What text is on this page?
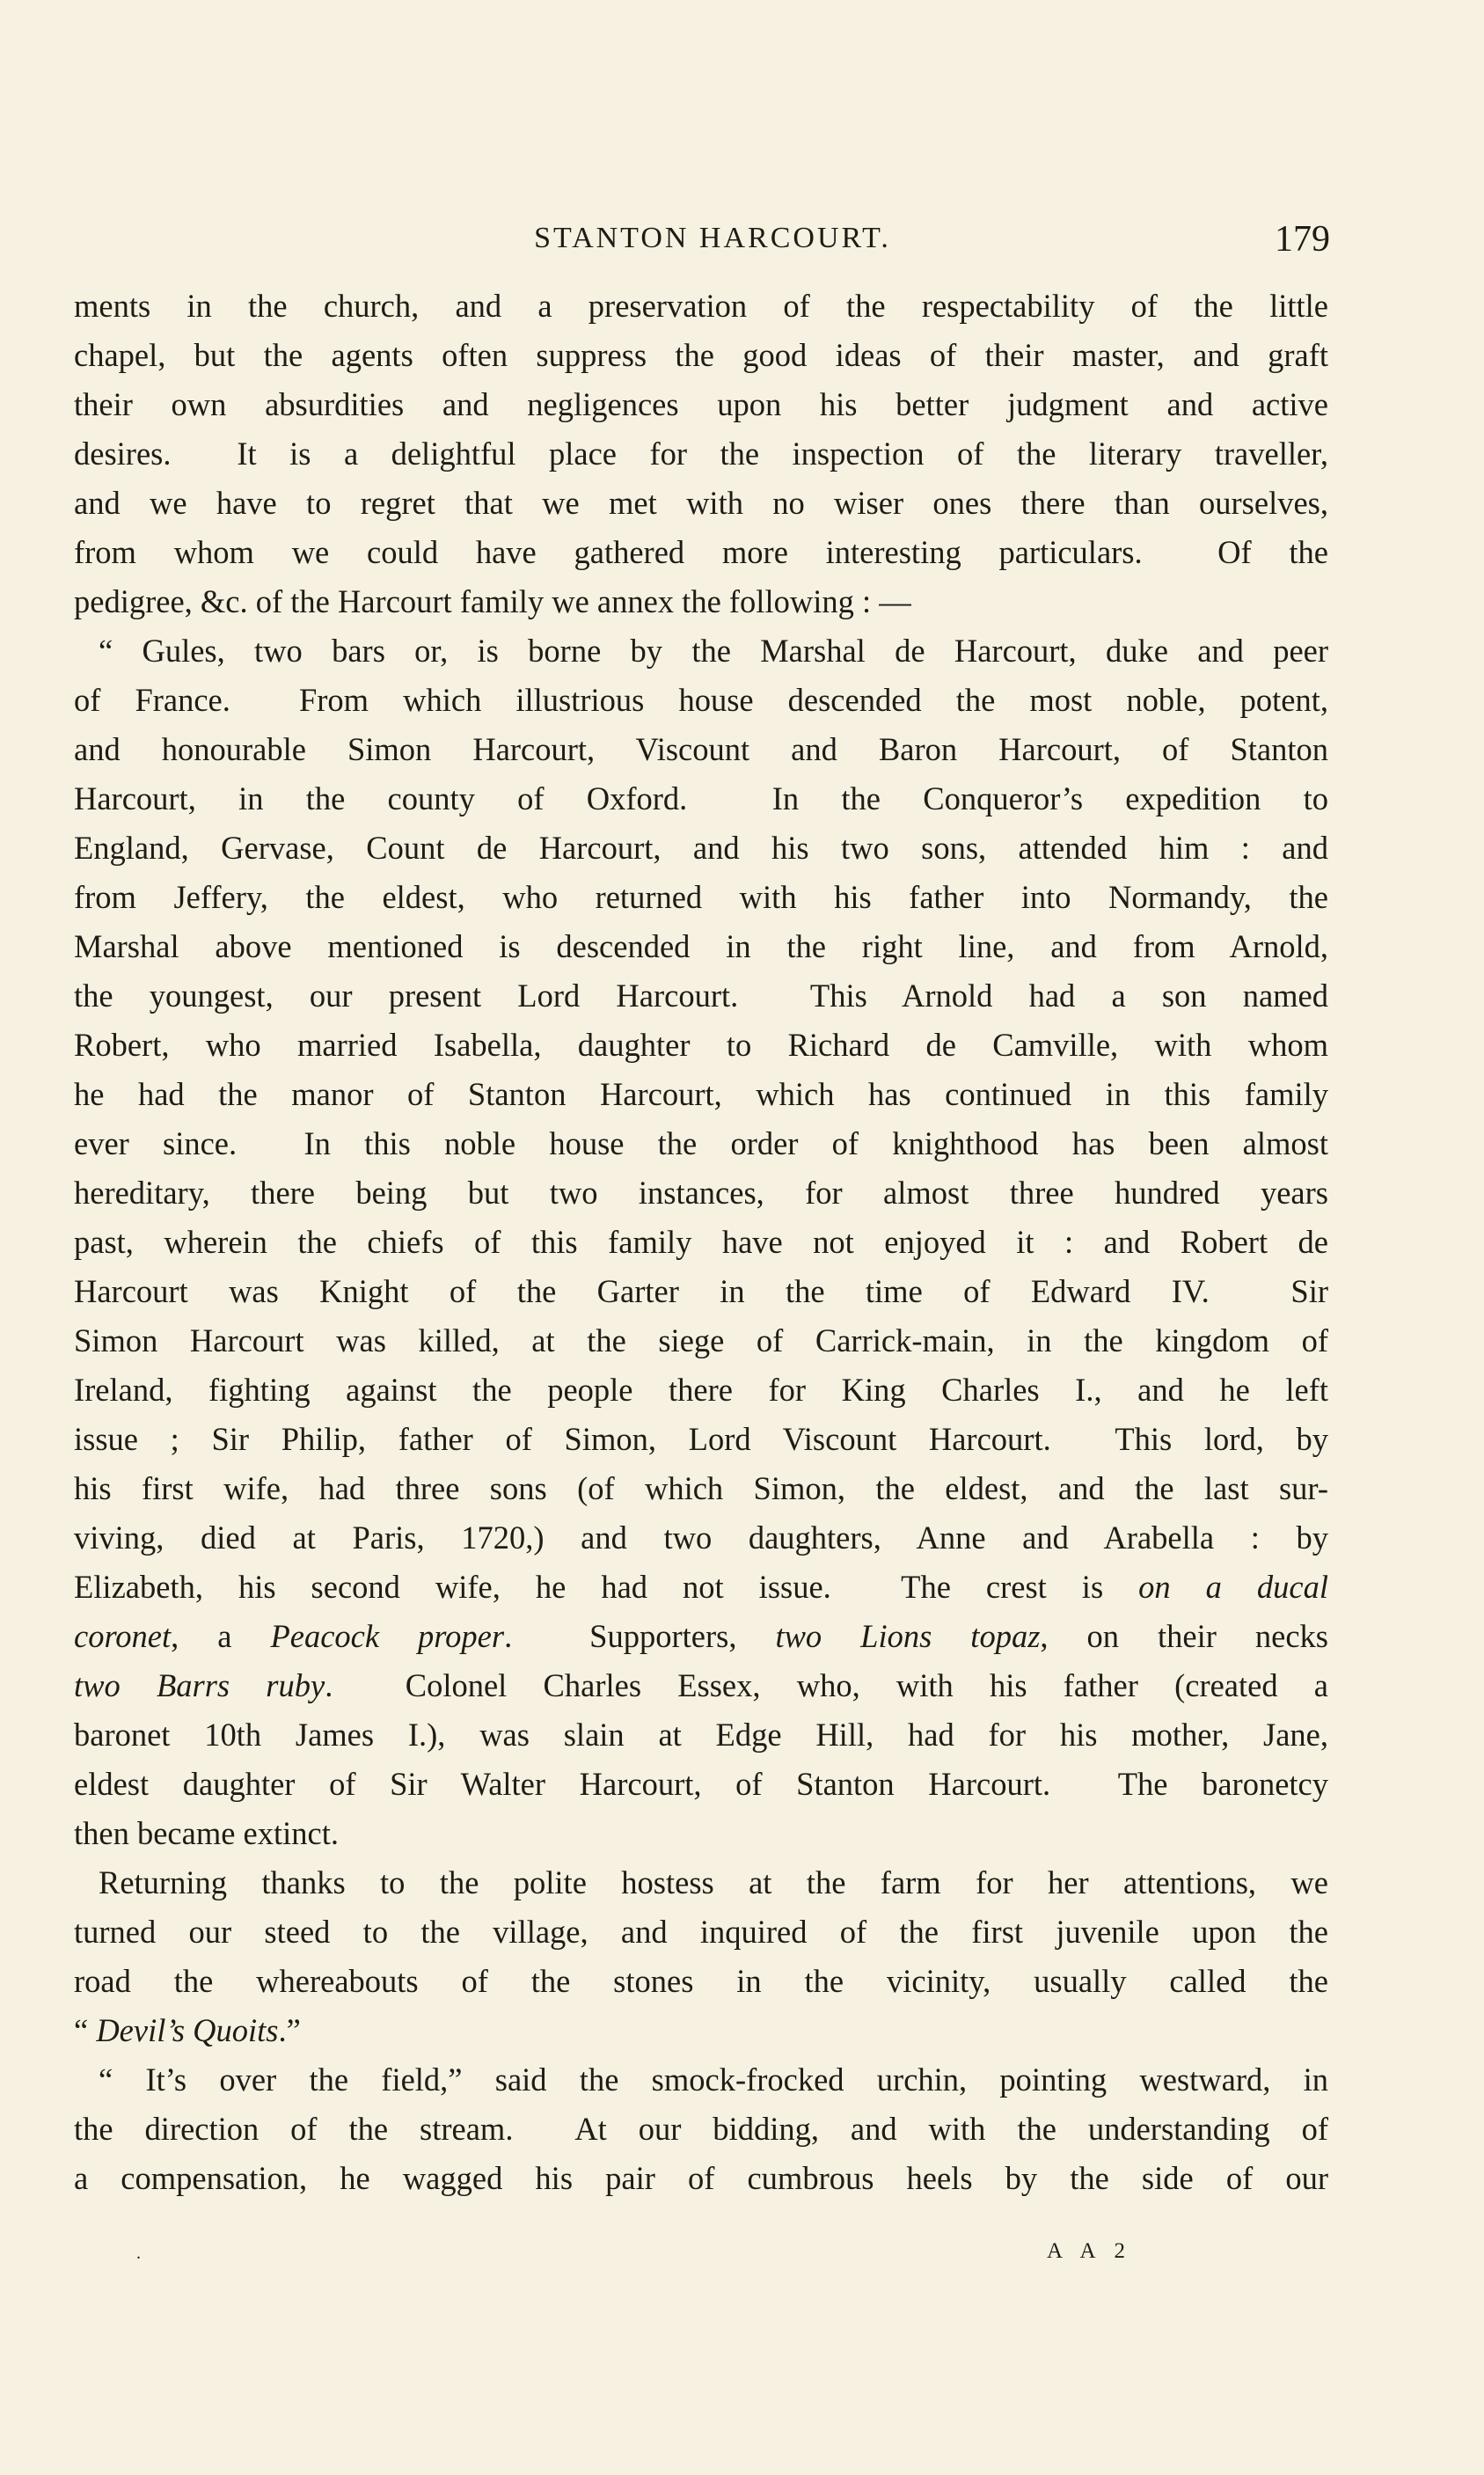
STANTON HARCOURT.	179
ments in the church, and a preservation of the respectability of the little
chapel, but the agents often suppress the good ideas of their master, and graft
their own absurdities and negligences upon his better judgment and active
desires.  It is a delightful place for the inspection of the literary traveller,
and we have to regret that we met with no wiser ones there than ourselves,
from whom we could have gathered more interesting particulars.  Of the
pedigree, &c. of the Harcourt family we annex the following : —
“ Gules, two bars or, is borne by the Marshal de Harcourt, duke and peer
of France.  From which illustrious house descended the most noble, potent,
and honourable Simon Harcourt, Viscount and Baron Harcourt, of Stanton
Harcourt, in the county of Oxford.  In the Conqueror’s expedition to
England, Gervase, Count de Harcourt, and his two sons, attended him : and
from Jeffery, the eldest, who returned with his father into Normandy, the
Marshal above mentioned is descended in the right line, and from Arnold,
the youngest, our present Lord Harcourt.  This Arnold had a son named
Robert, who married Isabella, daughter to Richard de Camville, with whom
he had the manor of Stanton Harcourt, which has continued in this family
ever since.  In this noble house the order of knighthood has been almost
hereditary, there being but two instances, for almost three hundred years
past, wherein the chiefs of this family have not enjoyed it : and Robert de
Harcourt was Knight of the Garter in the time of Edward IV.  Sir
Simon Harcourt was killed, at the siege of Carrick-main, in the kingdom of
Ireland, fighting against the people there for King Charles I., and he left
issue ; Sir Philip, father of Simon, Lord Viscount Harcourt.  This lord, by
his first wife, had three sons (of which Simon, the eldest, and the last sur-
viving, died at Paris, 1720,) and two daughters, Anne and Arabella : by
Elizabeth, his second wife, he had not issue.  The crest is on a ducal
coronet, a Peacock proper.  Supporters, two Lions topaz, on their necks
two Barrs ruby.  Colonel Charles Essex, who, with his father (created a
baronet 10th James I.), was slain at Edge Hill, had for his mother, Jane,
eldest daughter of Sir Walter Harcourt, of Stanton Harcourt.  The baronetcy
then became extinct.
Returning thanks to the polite hostess at the farm for her attentions, we
turned our steed to the village, and inquired of the first juvenile upon the
road the whereabouts of the stones in the vicinity, usually called the
“ Devil’s Quoits.”
“ It’s over the field,” said the smock-frocked urchin, pointing westward, in
the direction of the stream.  At our bidding, and with the understanding of
a compensation, he wagged his pair of cumbrous heels by the side of our
.	A A 2
